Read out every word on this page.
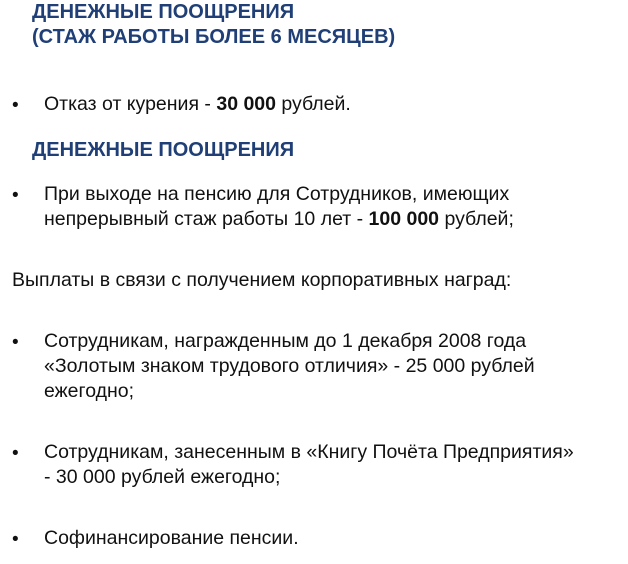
ДЕНЕЖНЫЕ ПООЩРЕНИЯ
(СТАЖ РАБОТЫ БОЛЕЕ 6 МЕСЯЦЕВ)
• Отказ от курения - 30 000 рублей.
ДЕНЕЖНЫЕ ПООЩРЕНИЯ
• При выходе на пенсию для Сотрудников, имеющих
непрерывный стаж работы 10 лет - 100 000 рублей;
Выплаты в связи с получением корпоративных наград:
• Сотрудникам, награжденным до 1 декабря 2008 года
«Золотым знаком трудового отличия» - 25 000 рублей
ежегодно;
• Сотрудникам, занесенным в «Книгу Почёта Предприятия»
- 30 000 рублей ежегодно;
• Софинансирование пенсии.
